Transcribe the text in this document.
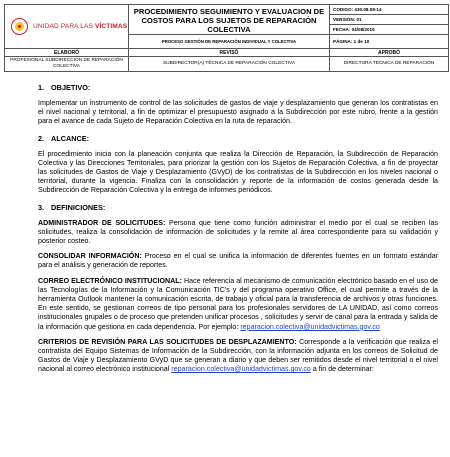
UNIDAD PARA LAS VÍCTIMAS	PROCEDIMIENTO SEGUIMIENTO Y EVALUACION DE COSTOS PARA LOS SUJETOS DE REPARACIÓN COLECTIVA	CODIGO: 430.08.08-14
		VERSIÓN: 01
		FECHA: 04/08/2016
	PROCESO GESTIÓN DE REPARACIÓN INDIVIDUAL Y COLECTIVA	PÁGINA: 1 de 10
ELABORÓ	REVISÓ	APROBÓ
PROFESIONAL SUBDIRECCIÓN DE REPARACIÓN COLECTIVA	SUBDIRECTOR(A) TÉCNICA DE REPARACIÓN COLECTIVA	DIRECTORA TÉCNICA DE REPARACIÓN
1. OBJETIVO:

Implementar un instrumento de control de las solicitudes de gastos de viaje y desplazamiento que generan los contratistas en el nivel nacional y territorial, a fin de optimizar el presupuesto asignado a la Subdirección por este rubro, frente a la gestión para el avance de cada Sujeto de Reparación Colectiva en la ruta de reparación.

2. ALCANCE:

El procedimiento inicia con la planeación conjunta que realiza la Dirección de Reparación, la Subdirección de Reparación Colectiva y las Direcciones Territoriales, para priorizar la gestión con los Sujetos de Reparación Colectiva, a fin de proyectar las solicitudes de Gastos de Viaje y Desplazamiento (GVyD) de los contratistas de la Subdirección en los niveles nacional o territorial, durante la vigencia. Finaliza con la consolidación y reporte de la información de costos generada desde la Subdirección de Reparación Colectiva y la entrega de informes periódicos.

3. DEFINICIONES:

ADMINISTRADOR DE SOLICITUDES: Persona que tiene como función administrar el medio por el cual se reciben las solicitudes, realiza la consolidación de información de solicitudes y la remite al área correspondiente para su validación y posterior costeo.

CONSOLIDAR INFORMACIÓN: Proceso en el cual se unifica la información de diferentes fuentes en un formato estándar para el análisis y generación de reportes.

CORREO ELECTRÓNICO INSTITUCIONAL: Hace referencia al mecanismo de comunicación electrónico basado en el uso de las Tecnologías de la Información y la Comunicación TIC's y del programa operativo Office, el cual permite a través de la herramienta Outlook mantener la comunicación escrita, de trabajo y oficial para la transferencia de archivos y otras funciones. En este sentido, se gestionan correos de tipo personal para los profesionales servidores de LA UNIDAD, así como correos institucionales grupales o de proceso que pretenden unificar procesos , solicitudes y servir de canal para la entrada y salida de la información que gestiona en cada dependencia. Por ejemplo: reparacion.colectiva@unidadvictimas.gov.co

CRITERIOS DE REVISIÓN PARA LAS SOLICITUDES DE DESPLAZAMIENTO: Corresponde a la verificación que realiza el contratista del Equipo Sistemas de Información de la Subdirección, con la información adjunta en los correos de Solicitud de Gastos de Viaje y Desplazamiento GVyD que se generan a diario y que deben ser remitidos desde el nivel territorial o el nivel nacional al correo electrónico institucional reparacion.colectiva@unidadvictimas.gov.co a fin de determinar:
